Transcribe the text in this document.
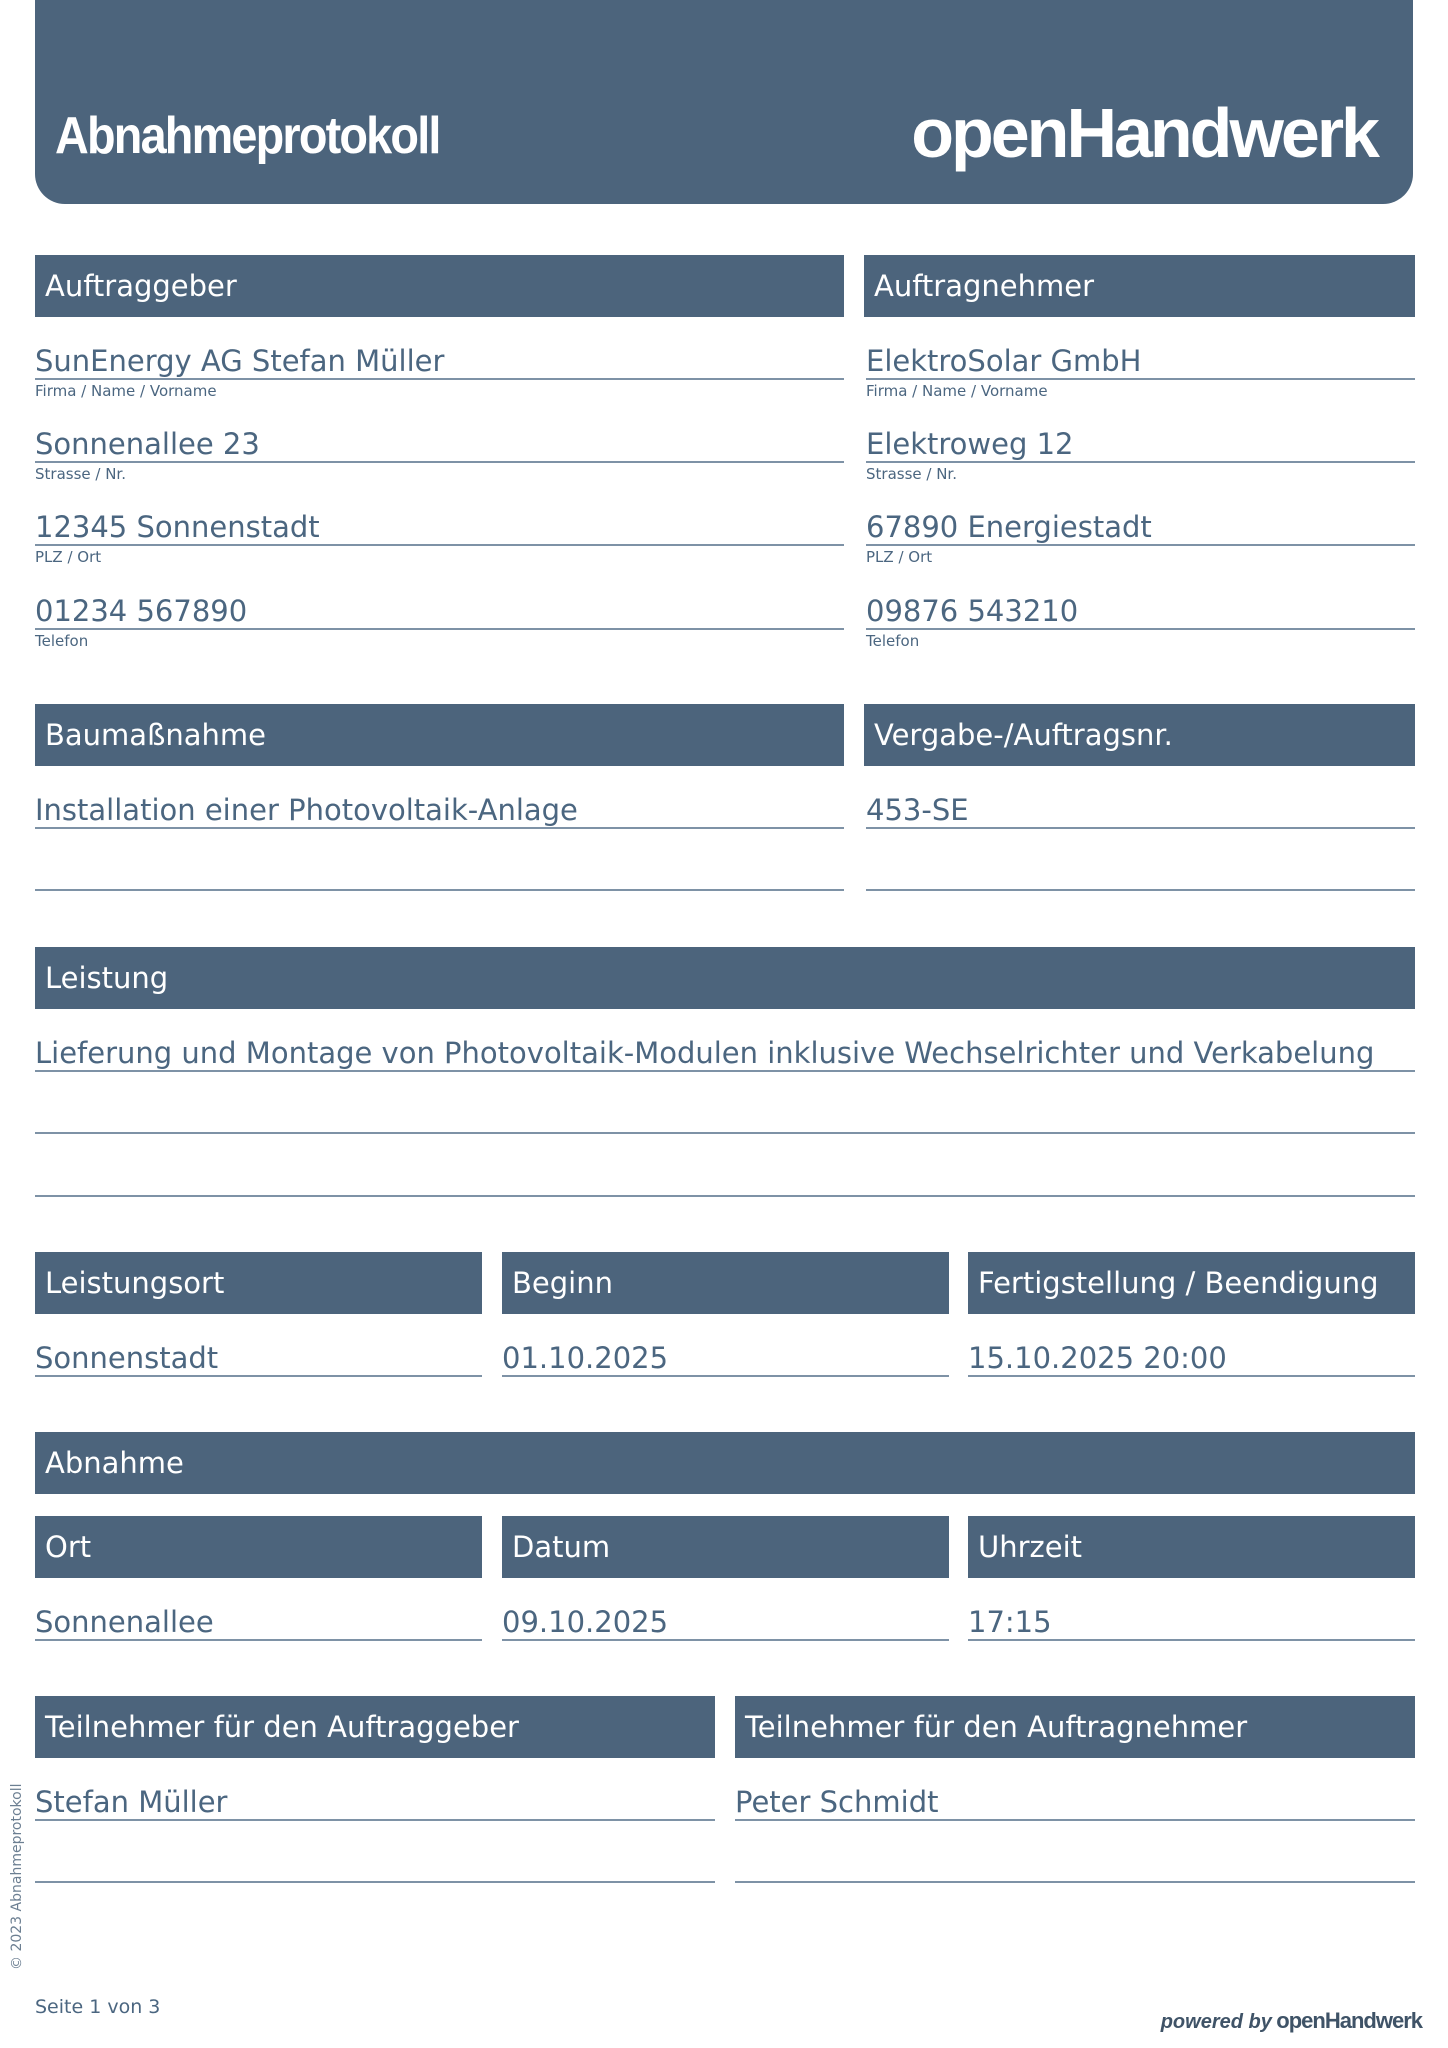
Abnahmeprotokoll	openHandwerk
Auftraggeber	Auftragnehmer
SunEnergy AG Stefan Müller
Firma / Name / Vorname
Sonnenallee 23
Strasse / Nr.
12345 Sonnenstadt
PLZ / Ort
01234 567890
Telefon
ElektroSolar GmbH
Firma / Name / Vorname
Elektroweg 12
Strasse / Nr.
67890 Energiestadt
PLZ / Ort
09876 543210
Telefon
Baumaßnahme	Vergabe-/Auftragsnr.
Installation einer Photovoltaik-Anlage	453-SE
Leistung
Lieferung und Montage von Photovoltaik-Modulen inklusive Wechselrichter und Verkabelung
Leistungsort	Beginn	Fertigstellung / Beendigung
Sonnenstadt	01.10.2025	15.10.2025 20:00
Abnahme
Ort	Datum	Uhrzeit
Sonnenallee	09.10.2025	17:15
Teilnehmer für den Auftraggeber	Teilnehmer für den Auftragnehmer
Stefan Müller	Peter Schmidt
© 2023 Abnahmeprotokoll
Seite 1 von 3
powered by openHandwerk
